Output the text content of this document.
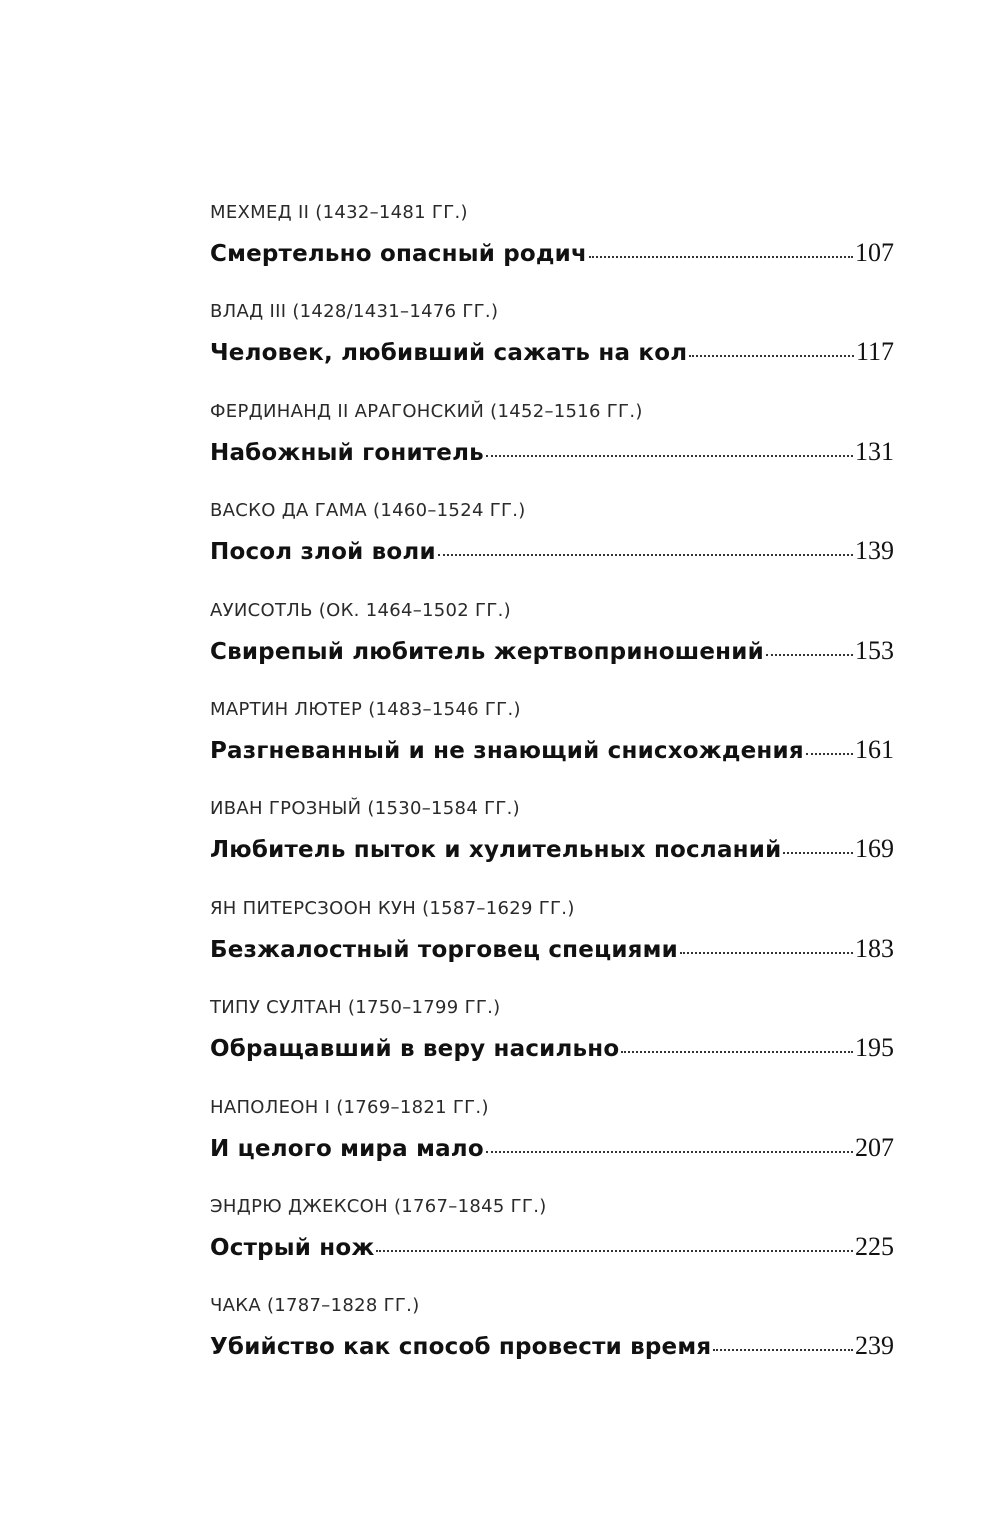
МЕХМЕД II (1432–1481 ГГ.)
Смертельно опасный родич	107
ВЛАД III (1428/1431–1476 ГГ.)
Человек, любивший сажать на кол	117
ФЕРДИНАНД II АРАГОНСКИЙ (1452–1516 ГГ.)
Набожный гонитель	131
ВАСКО ДА ГАМА (1460–1524 ГГ.)
Посол злой воли	139
АУИСОТЛЬ (ОК. 1464–1502 ГГ.)
Свирепый любитель жертвоприношений	153
МАРТИН ЛЮТЕР (1483–1546 ГГ.)
Разгневанный и не знающий снисхождения 161
ИВАН ГРОЗНЫЙ (1530–1584 ГГ.)
Любитель пыток и хулительных посланий	169
ЯН ПИТЕРСЗООН КУН (1587–1629 ГГ.)
Безжалостный торговец специями	183
ТИПУ СУЛТАН (1750–1799 ГГ.)
Обращавший в веру насильно	195
НАПОЛЕОН I (1769–1821 ГГ.)
И целого мира мало	207
ЭНДРЮ ДЖЕКСОН (1767–1845 ГГ.)
Острый нож	225
ЧАКА (1787–1828 ГГ.)
Убийство как способ провести время	239
